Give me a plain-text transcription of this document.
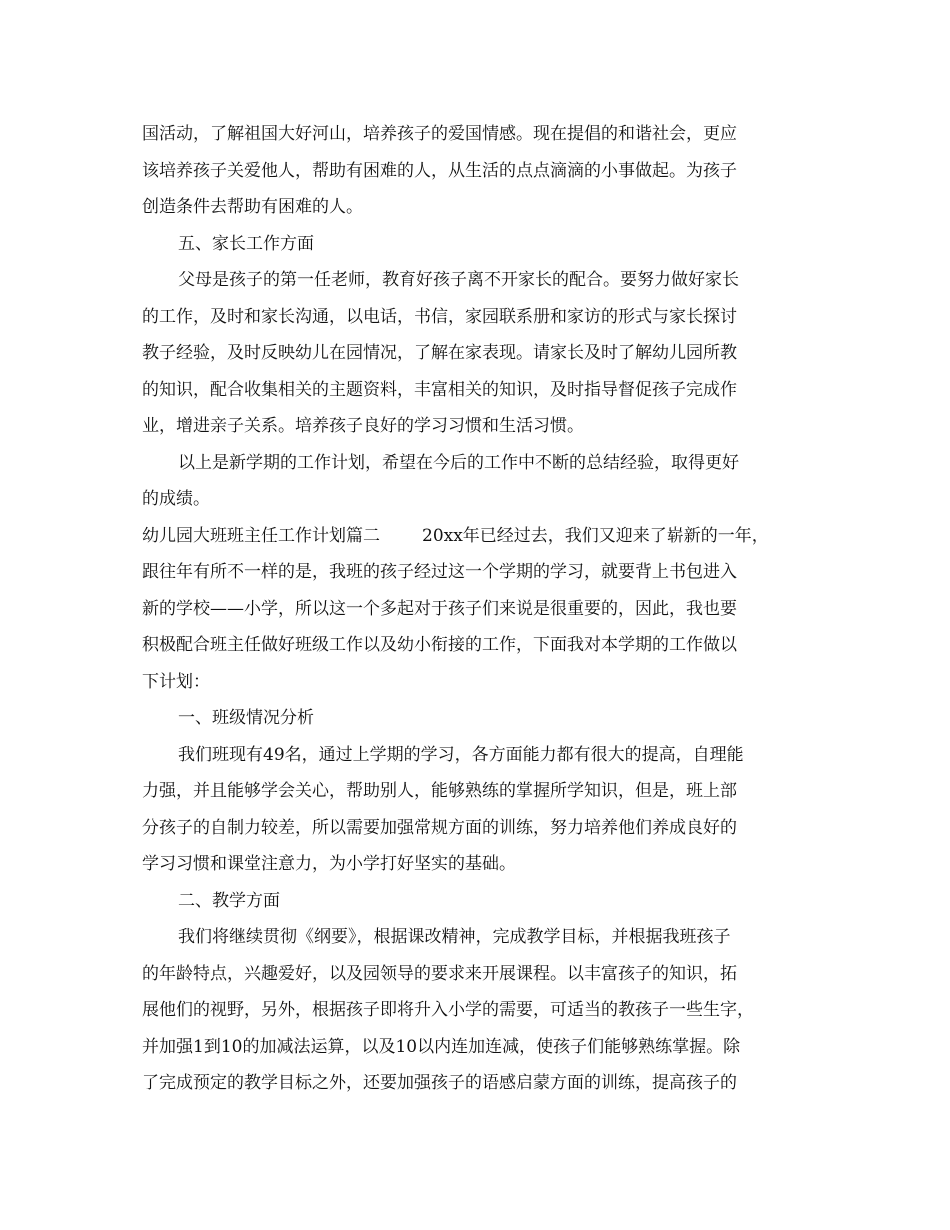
国活动，了解祖国大好河山，培养孩子的爱国情感。现在提倡的和谐社会，更应
该培养孩子关爱他人，帮助有困难的人，从生活的点点滴滴的小事做起。为孩子
创造条件去帮助有困难的人。
五、家长工作方面
父母是孩子的第一任老师，教育好孩子离不开家长的配合。要努力做好家长
的工作，及时和家长沟通，以电话，书信，家园联系册和家访的形式与家长探讨
教子经验，及时反映幼儿在园情况，了解在家表现。请家长及时了解幼儿园所教
的知识，配合收集相关的主题资料，丰富相关的知识，及时指导督促孩子完成作
业，增进亲子关系。培养孩子良好的学习习惯和生活习惯。
以上是新学期的工作计划，希望在今后的工作中不断的总结经验，取得更好
的成绩。
幼儿园大班班主任工作计划篇二 20xx年已经过去，我们又迎来了崭新的一年，
跟往年有所不一样的是，我班的孩子经过这一个学期的学习，就要背上书包进入
新的学校——小学，所以这一个多起对于孩子们来说是很重要的，因此，我也要
积极配合班主任做好班级工作以及幼小衔接的工作，下面我对本学期的工作做以
下计划：
一、班级情况分析
我们班现有49名，通过上学期的学习，各方面能力都有很大的提高，自理能
力强，并且能够学会关心，帮助别人，能够熟练的掌握所学知识，但是，班上部
分孩子的自制力较差，所以需要加强常规方面的训练，努力培养他们养成良好的
学习习惯和课堂注意力，为小学打好坚实的基础。
二、教学方面
我们将继续贯彻《纲要》，根据课改精神，完成教学目标，并根据我班孩子
的年龄特点，兴趣爱好，以及园领导的要求来开展课程。以丰富孩子的知识，拓
展他们的视野，另外，根据孩子即将升入小学的需要，可适当的教孩子一些生字，
并加强1到10的加减法运算，以及10以内连加连减，使孩子们能够熟练掌握。除
了完成预定的教学目标之外，还要加强孩子的语感启蒙方面的训练，提高孩子的
